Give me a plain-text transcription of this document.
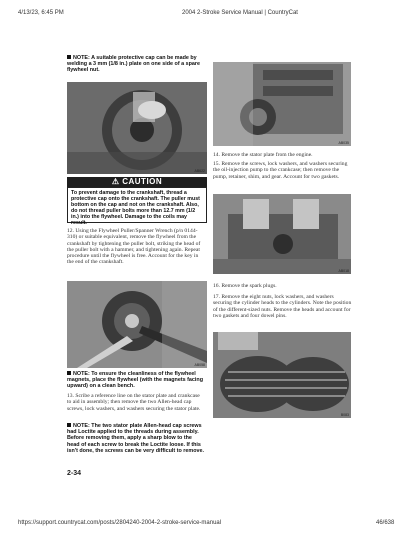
4/13/23, 6:45 PM	2004 2-Stroke Service Manual | CountryCat
https://support.countrycat.com/posts/2804240-2004-2-stroke-service-manual	46/638
NOTE: A suitable protective cap can be made by welding a 3 mm (1/8 in.) plate on one side of a spare flywheel nut.
AB622
⚠ CAUTION
To prevent damage to the crankshaft, thread a protective cap onto the crankshaft. The puller must bottom on the cap and not on the crankshaft. Also, do not thread puller bolts more than 12.7 mm (1/2 in.) into the flywheel. Damage to the coils may result.
12. Using the Flywheel Puller/Spanner Wrench (p/n 0144-310) or suitable equivalent, remove the flywheel from the crankshaft by tightening the puller bolt, striking the head of the puller bolt with a hammer, and tightening again. Repeat procedure until the flywheel is free. Account for the key in the end of the crankshaft.
AB058
NOTE: To ensure the cleanliness of the flywheel magnets, place the flywheel (with the magnets facing upward) on a clean bench.
13. Scribe a reference line on the stator plate and crankcase to aid in assembly; then remove the two Allen-head cap screws, lock washers, and washers securing the stator plate.
NOTE: The two stator plate Allen-head cap screws had Loctite applied to the threads during assembly. Before removing them, apply a sharp blow to the head of each screw to break the Loctite loose. If this isn't done, the screws can be very difficult to remove.
2-34
AB035
14. Remove the stator plate from the engine.
15. Remove the screws, lock washers, and washers securing the oil-injection pump to the crankcase; then remove the pump, retainer, shim, and gear. Account for two gaskets.
AB018
16. Remove the spark plugs.
17. Remove the eight nuts, lock washers, and washers securing the cylinder heads to the cylinders. Note the position of the different-sized nuts. Remove the heads and account for two gaskets and four dowel pins.
B083
